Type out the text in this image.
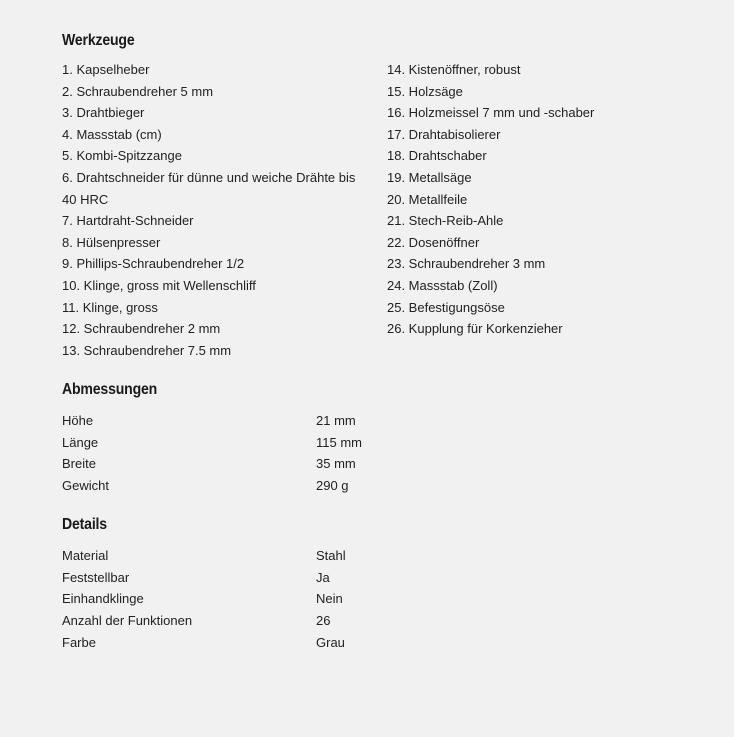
Werkzeuge
1. Kapselheber
2. Schraubendreher 5 mm
3. Drahtbieger
4. Massstab (cm)
5. Kombi-Spitzzange
6. Drahtschneider für dünne und weiche Drähte bis 40 HRC
7. Hartdraht-Schneider
8. Hülsenpresser
9. Phillips-Schraubendreher 1/2
10. Klinge, gross mit Wellenschliff
11. Klinge, gross
12. Schraubendreher 2 mm
13. Schraubendreher 7.5 mm
14. Kistenöffner, robust
15. Holzsäge
16. Holzmeissel 7 mm und -schaber
17. Drahtabisolierer
18. Drahtschaber
19. Metallsäge
20. Metallfeile
21. Stech-Reib-Ahle
22. Dosenöffner
23. Schraubendreher 3 mm
24. Massstab (Zoll)
25. Befestigungsöse
26. Kupplung für Korkenzieher
Abmessungen
Höhe	21 mm
Länge	115 mm
Breite	35 mm
Gewicht	290 g
Details
Material	Stahl
Feststellbar	Ja
Einhandklinge	Nein
Anzahl der Funktionen	26
Farbe	Grau
